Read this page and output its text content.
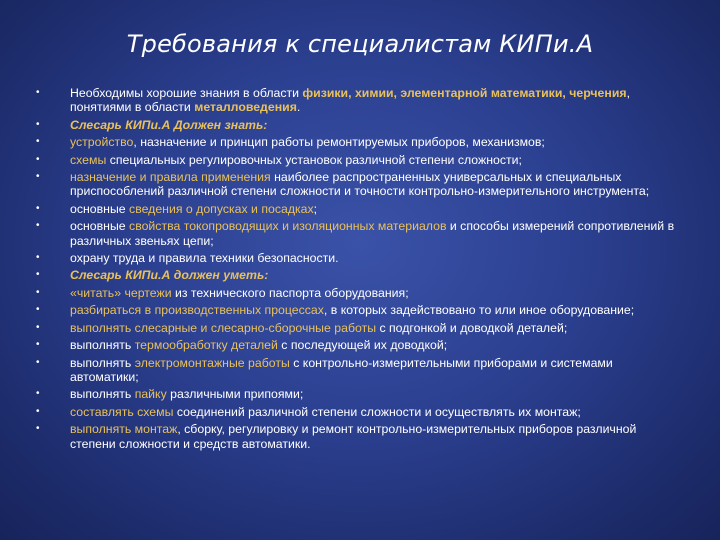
Требования к специалистам КИПи.А
• Необходимы хорошие знания в области физики, химии, элементарной математики, черчения, понятиями в области металловедения.
• Слесарь КИПи.А Должен знать:
• устройство, назначение и принцип работы ремонтируемых приборов, механизмов;
• схемы специальных регулировочных установок различной степени сложности;
• назначение и правила применения наиболее распространенных универсальных и специальных приспособлений различной степени сложности и точности контрольно-измерительного инструмента;
• основные сведения о допусках и посадках;
• основные свойства токопроводящих и изоляционных материалов и способы измерений сопротивлений в различных звеньях цепи;
• охрану труда и правила техники безопасности.
• Слесарь КИПи.А должен уметь:
• «читать» чертежи из технического паспорта оборудования;
• разбираться в производственных процессах, в которых задействовано то или иное оборудование;
• выполнять слесарные и слесарно-сборочные работы с подгонкой и доводкой деталей;
• выполнять термообработку деталей с последующей их доводкой;
• выполнять электромонтажные работы с контрольно-измерительными приборами и системами автоматики;
• выполнять пайку различными припоями;
• составлять схемы соединений различной степени сложности и осуществлять их монтаж;
• выполнять монтаж, сборку, регулировку и ремонт контрольно-измерительных приборов различной степени сложности и средств автоматики.
